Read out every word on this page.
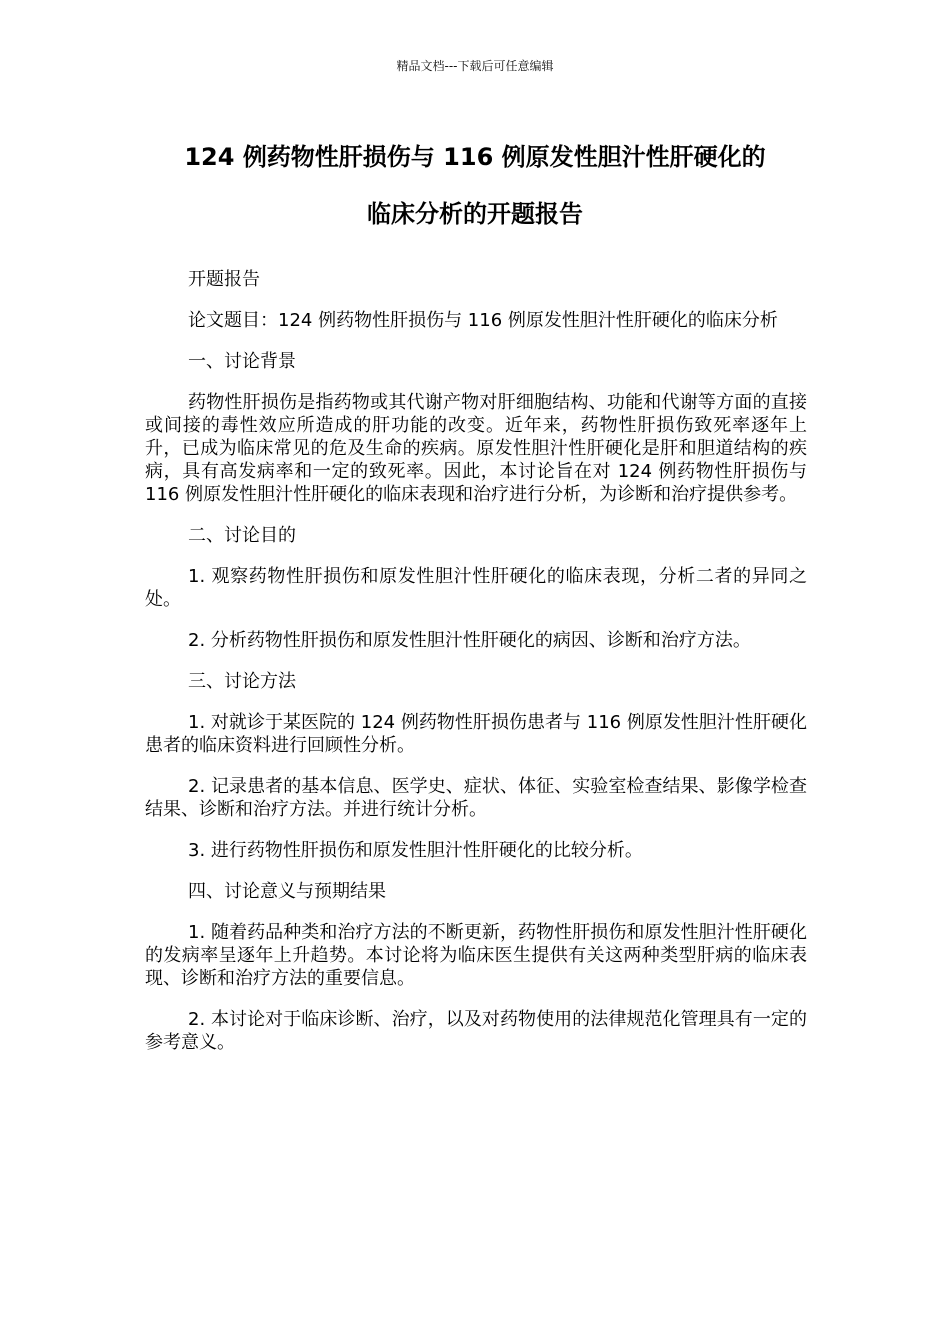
精品文档---下载后可任意编辑
124 例药物性肝损伤与 116 例原发性胆汁性肝硬化的
临床分析的开题报告

开题报告

论文题目：124 例药物性肝损伤与 116 例原发性胆汁性肝硬化的临床分析

一、讨论背景

药物性肝损伤是指药物或其代谢产物对肝细胞结构、功能和代谢等方面的直接或间接的毒性效应所造成的肝功能的改变。近年来，药物性肝损伤致死率逐年上升，已成为临床常见的危及生命的疾病。原发性胆汁性肝硬化是肝和胆道结构的疾病，具有高发病率和一定的致死率。因此，本讨论旨在对 124 例药物性肝损伤与 116 例原发性胆汁性肝硬化的临床表现和治疗进行分析，为诊断和治疗提供参考。

二、讨论目的

1. 观察药物性肝损伤和原发性胆汁性肝硬化的临床表现，分析二者的异同之处。

2. 分析药物性肝损伤和原发性胆汁性肝硬化的病因、诊断和治疗方法。

三、讨论方法

1. 对就诊于某医院的 124 例药物性肝损伤患者与 116 例原发性胆汁性肝硬化患者的临床资料进行回顾性分析。

2. 记录患者的基本信息、医学史、症状、体征、实验室检查结果、影像学检查结果、诊断和治疗方法。并进行统计分析。

3. 进行药物性肝损伤和原发性胆汁性肝硬化的比较分析。

四、讨论意义与预期结果

1. 随着药品种类和治疗方法的不断更新，药物性肝损伤和原发性胆汁性肝硬化的发病率呈逐年上升趋势。本讨论将为临床医生提供有关这两种类型肝病的临床表现、诊断和治疗方法的重要信息。

2. 本讨论对于临床诊断、治疗，以及对药物使用的法律规范化管理具有一定的参考意义。
